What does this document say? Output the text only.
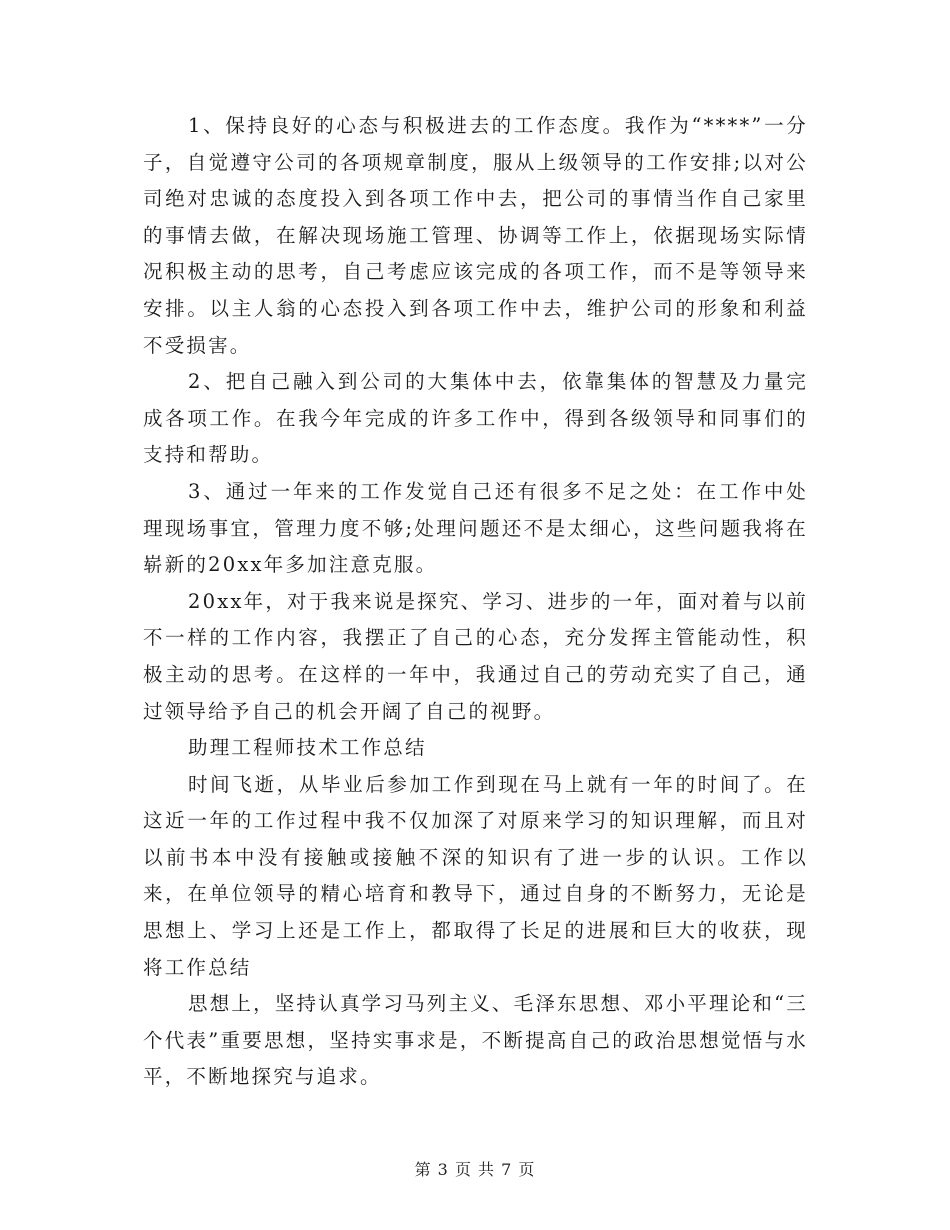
1、保持良好的心态与积极进去的工作态度。我作为“****”一分子，自觉遵守公司的各项规章制度，服从上级领导的工作安排;以对公司绝对忠诚的态度投入到各项工作中去，把公司的事情当作自己家里的事情去做，在解决现场施工管理、协调等工作上，依据现场实际情况积极主动的思考，自己考虑应该完成的各项工作，而不是等领导来安排。以主人翁的心态投入到各项工作中去，维护公司的形象和利益不受损害。

2、把自己融入到公司的大集体中去，依靠集体的智慧及力量完成各项工作。在我今年完成的许多工作中，得到各级领导和同事们的支持和帮助。

3、通过一年来的工作发觉自己还有很多不足之处：在工作中处理现场事宜，管理力度不够;处理问题还不是太细心，这些问题我将在崭新的20xx年多加注意克服。

20xx年，对于我来说是探究、学习、进步的一年，面对着与以前不一样的工作内容，我摆正了自己的心态，充分发挥主管能动性，积极主动的思考。在这样的一年中，我通过自己的劳动充实了自己，通过领导给予自己的机会开阔了自己的视野。

助理工程师技术工作总结

时间飞逝，从毕业后参加工作到现在马上就有一年的时间了。在这近一年的工作过程中我不仅加深了对原来学习的知识理解，而且对以前书本中没有接触或接触不深的知识有了进一步的认识。工作以来，在单位领导的精心培育和教导下，通过自身的不断努力，无论是思想上、学习上还是工作上，都取得了长足的进展和巨大的收获，现将工作总结

思想上，坚持认真学习马列主义、毛泽东思想、邓小平理论和“三个代表”重要思想，坚持实事求是，不断提高自己的政治思想觉悟与水平，不断地探究与追求。

第 3 页 共 7 页
